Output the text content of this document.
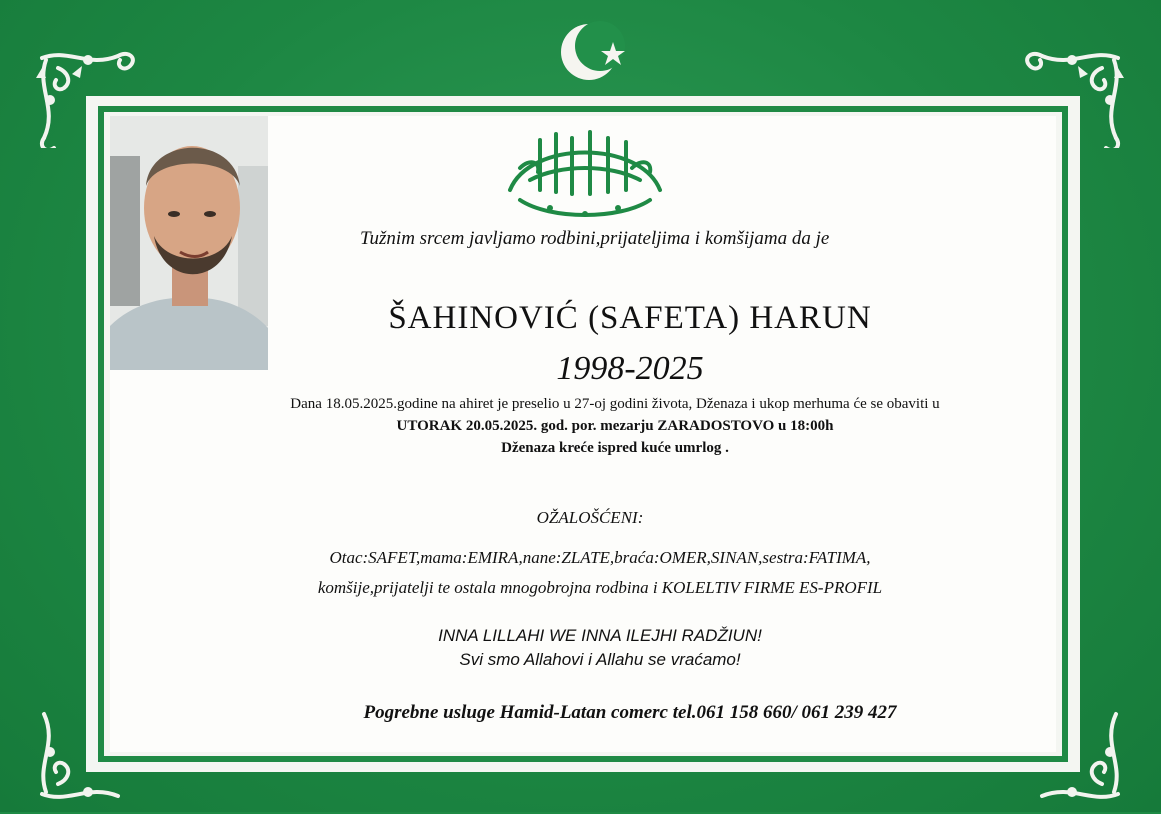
Tužnim srcem javljamo rodbini,prijateljima i komšijama da je
ŠAHINOVIĆ (SAFETA) HARUN
1998-2025
Dana 18.05.2025.godine na ahiret je preselio u 27-oj godini života, Dženaza i ukop merhuma će se obaviti u
UTORAK 20.05.2025. god. por. mezarju ZARADOSTOVO u 18:00h
Dženaza kreće ispred kuće umrlog .
OŽALOŠĆENI:
Otac:SAFET,mama:EMIRA,nane:ZLATE,braća:OMER,SINAN,sestra:FATIMA,
komšije,prijatelji te ostala mnogobrojna rodbina i KOLELTIV FIRME ES-PROFIL
INNA LILLAHI WE INNA ILEJHI RADŽIUN!
Svi smo Allahovi i Allahu se vraćamo!
Pogrebne usluge Hamid-Latan comerc tel.061 158 660/ 061 239 427
